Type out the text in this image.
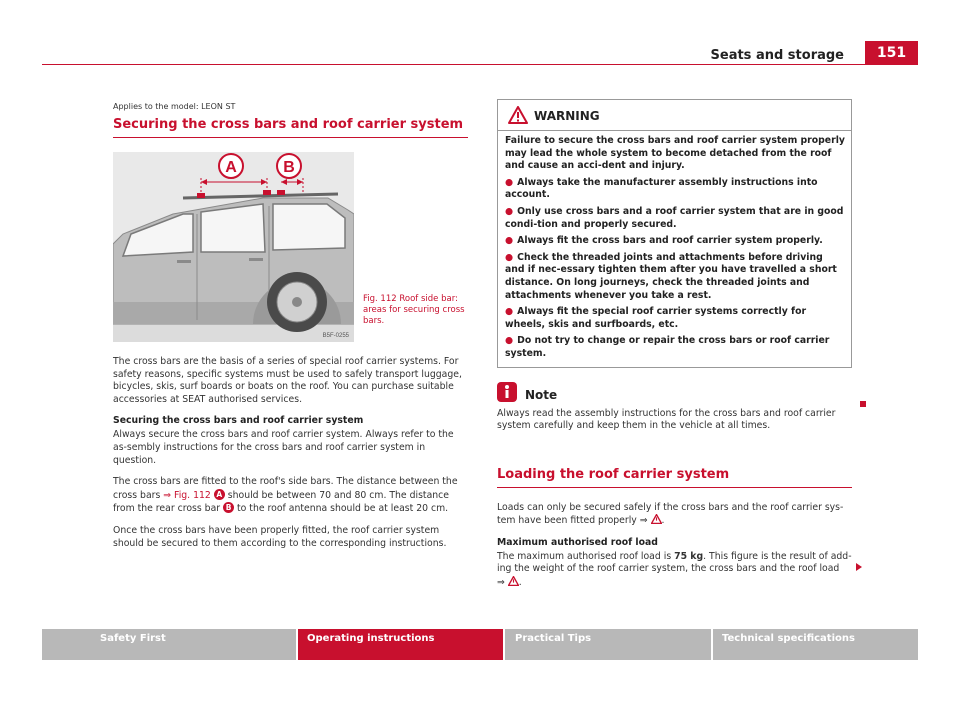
151
Seats and storage
Applies to the model: LEON ST
Securing the cross bars and roof carrier system
A	B
B5F-0255
Fig. 112 Roof side bar: areas for securing cross bars.

The cross bars are the basis of a series of special roof carrier systems. For safety reasons, specific systems must be used to safely transport luggage, bicycles, skis, surf boards or boats on the roof. You can purchase suitable accessories at SEAT authorised services.

Securing the cross bars and roof carrier system

Always secure the cross bars and roof carrier system. Always refer to the as-sembly instructions for the cross bars and roof carrier system in question.

The cross bars are fitted to the roof's side bars. The distance between the cross bars ⇒ Fig. 112 A should be between 70 and 80 cm. The distance from the rear cross bar B to the roof antenna should be at least 20 cm.

Once the cross bars have been properly fitted, the roof carrier system should be secured to them according to the corresponding instructions.

WARNING
Failure to secure the cross bars and roof carrier system properly may lead the whole system to become detached from the roof and cause an acci-dent and injury.
● Always take the manufacturer assembly instructions into account.
● Only use cross bars and a roof carrier system that are in good condi-tion and properly secured.
● Always fit the cross bars and roof carrier system properly.
● Check the threaded joints and attachments before driving and if nec-essary tighten them after you have travelled a short distance. On long journeys, check the threaded joints and attachments whenever you take a rest.
● Always fit the special roof carrier systems correctly for wheels, skis and surfboards, etc.
● Do not try to change or repair the cross bars or roof carrier system.
Note

Always read the assembly instructions for the cross bars and roof carrier system carefully and keep them in the vehicle at all times.

Loading the roof carrier system

Loads can only be secured safely if the cross bars and the roof carrier sys-tem have been fitted properly ⇒ .

Maximum authorised roof load

The maximum authorised roof load is 75 kg. This figure is the result of add-ing the weight of the roof carrier system, the cross bars and the roof load
⇒ .

Safety First	Operating instructions	Practical Tips	Technical specifications
